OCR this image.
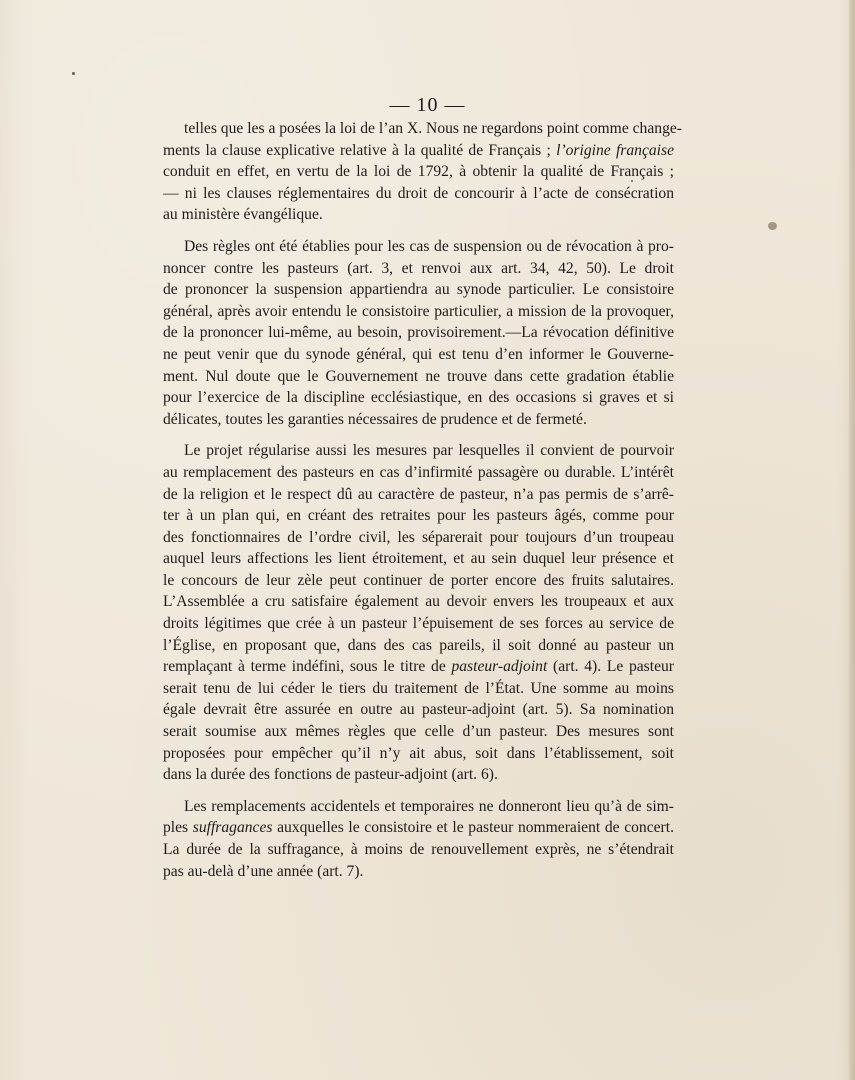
— 10 —
telles que les a posées la loi de l’an X. Nous ne regardons point comme change-
ments la clause explicative relative à la qualité de Français ; l’origine française
conduit en effet, en vertu de la loi de 1792, à obtenir la qualité de Français ;
— ni les clauses réglementaires du droit de concourir à l’acte de consécration
au ministère évangélique.
Des règles ont été établies pour les cas de suspension ou de révocation à pro-
noncer contre les pasteurs (art. 3, et renvoi aux art. 34, 42, 50). Le droit
de prononcer la suspension appartiendra au synode particulier. Le consistoire
général, après avoir entendu le consistoire particulier, a mission de la provoquer,
de la prononcer lui-même, au besoin, provisoirement.—La révocation définitive
ne peut venir que du synode général, qui est tenu d’en informer le Gouverne-
ment. Nul doute que le Gouvernement ne trouve dans cette gradation établie
pour l’exercice de la discipline ecclésiastique, en des occasions si graves et si
délicates, toutes les garanties nécessaires de prudence et de fermeté.
Le projet régularise aussi les mesures par lesquelles il convient de pourvoir
au remplacement des pasteurs en cas d’infirmité passagère ou durable. L’intérêt
de la religion et le respect dû au caractère de pasteur, n’a pas permis de s’arrê-
ter à un plan qui, en créant des retraites pour les pasteurs âgés, comme pour
des fonctionnaires de l’ordre civil, les séparerait pour toujours d’un troupeau
auquel leurs affections les lient étroitement, et au sein duquel leur présence et
le concours de leur zèle peut continuer de porter encore des fruits salutaires.
L’Assemblée a cru satisfaire également au devoir envers les troupeaux et aux
droits légitimes que crée à un pasteur l’épuisement de ses forces au service de
l’Église, en proposant que, dans des cas pareils, il soit donné au pasteur un
remplaçant à terme indéfini, sous le titre de pasteur-adjoint (art. 4). Le pasteur
serait tenu de lui céder le tiers du traitement de l’État. Une somme au moins
égale devrait être assurée en outre au pasteur-adjoint (art. 5). Sa nomination
serait soumise aux mêmes règles que celle d’un pasteur. Des mesures sont
proposées pour empêcher qu’il n’y ait abus, soit dans l’établissement, soit
dans la durée des fonctions de pasteur-adjoint (art. 6).
Les remplacements accidentels et temporaires ne donneront lieu qu’à de sim-
ples suffragances auxquelles le consistoire et le pasteur nommeraient de concert.
La durée de la suffragance, à moins de renouvellement exprès, ne s’étendrait
pas au-delà d’une année (art. 7).
